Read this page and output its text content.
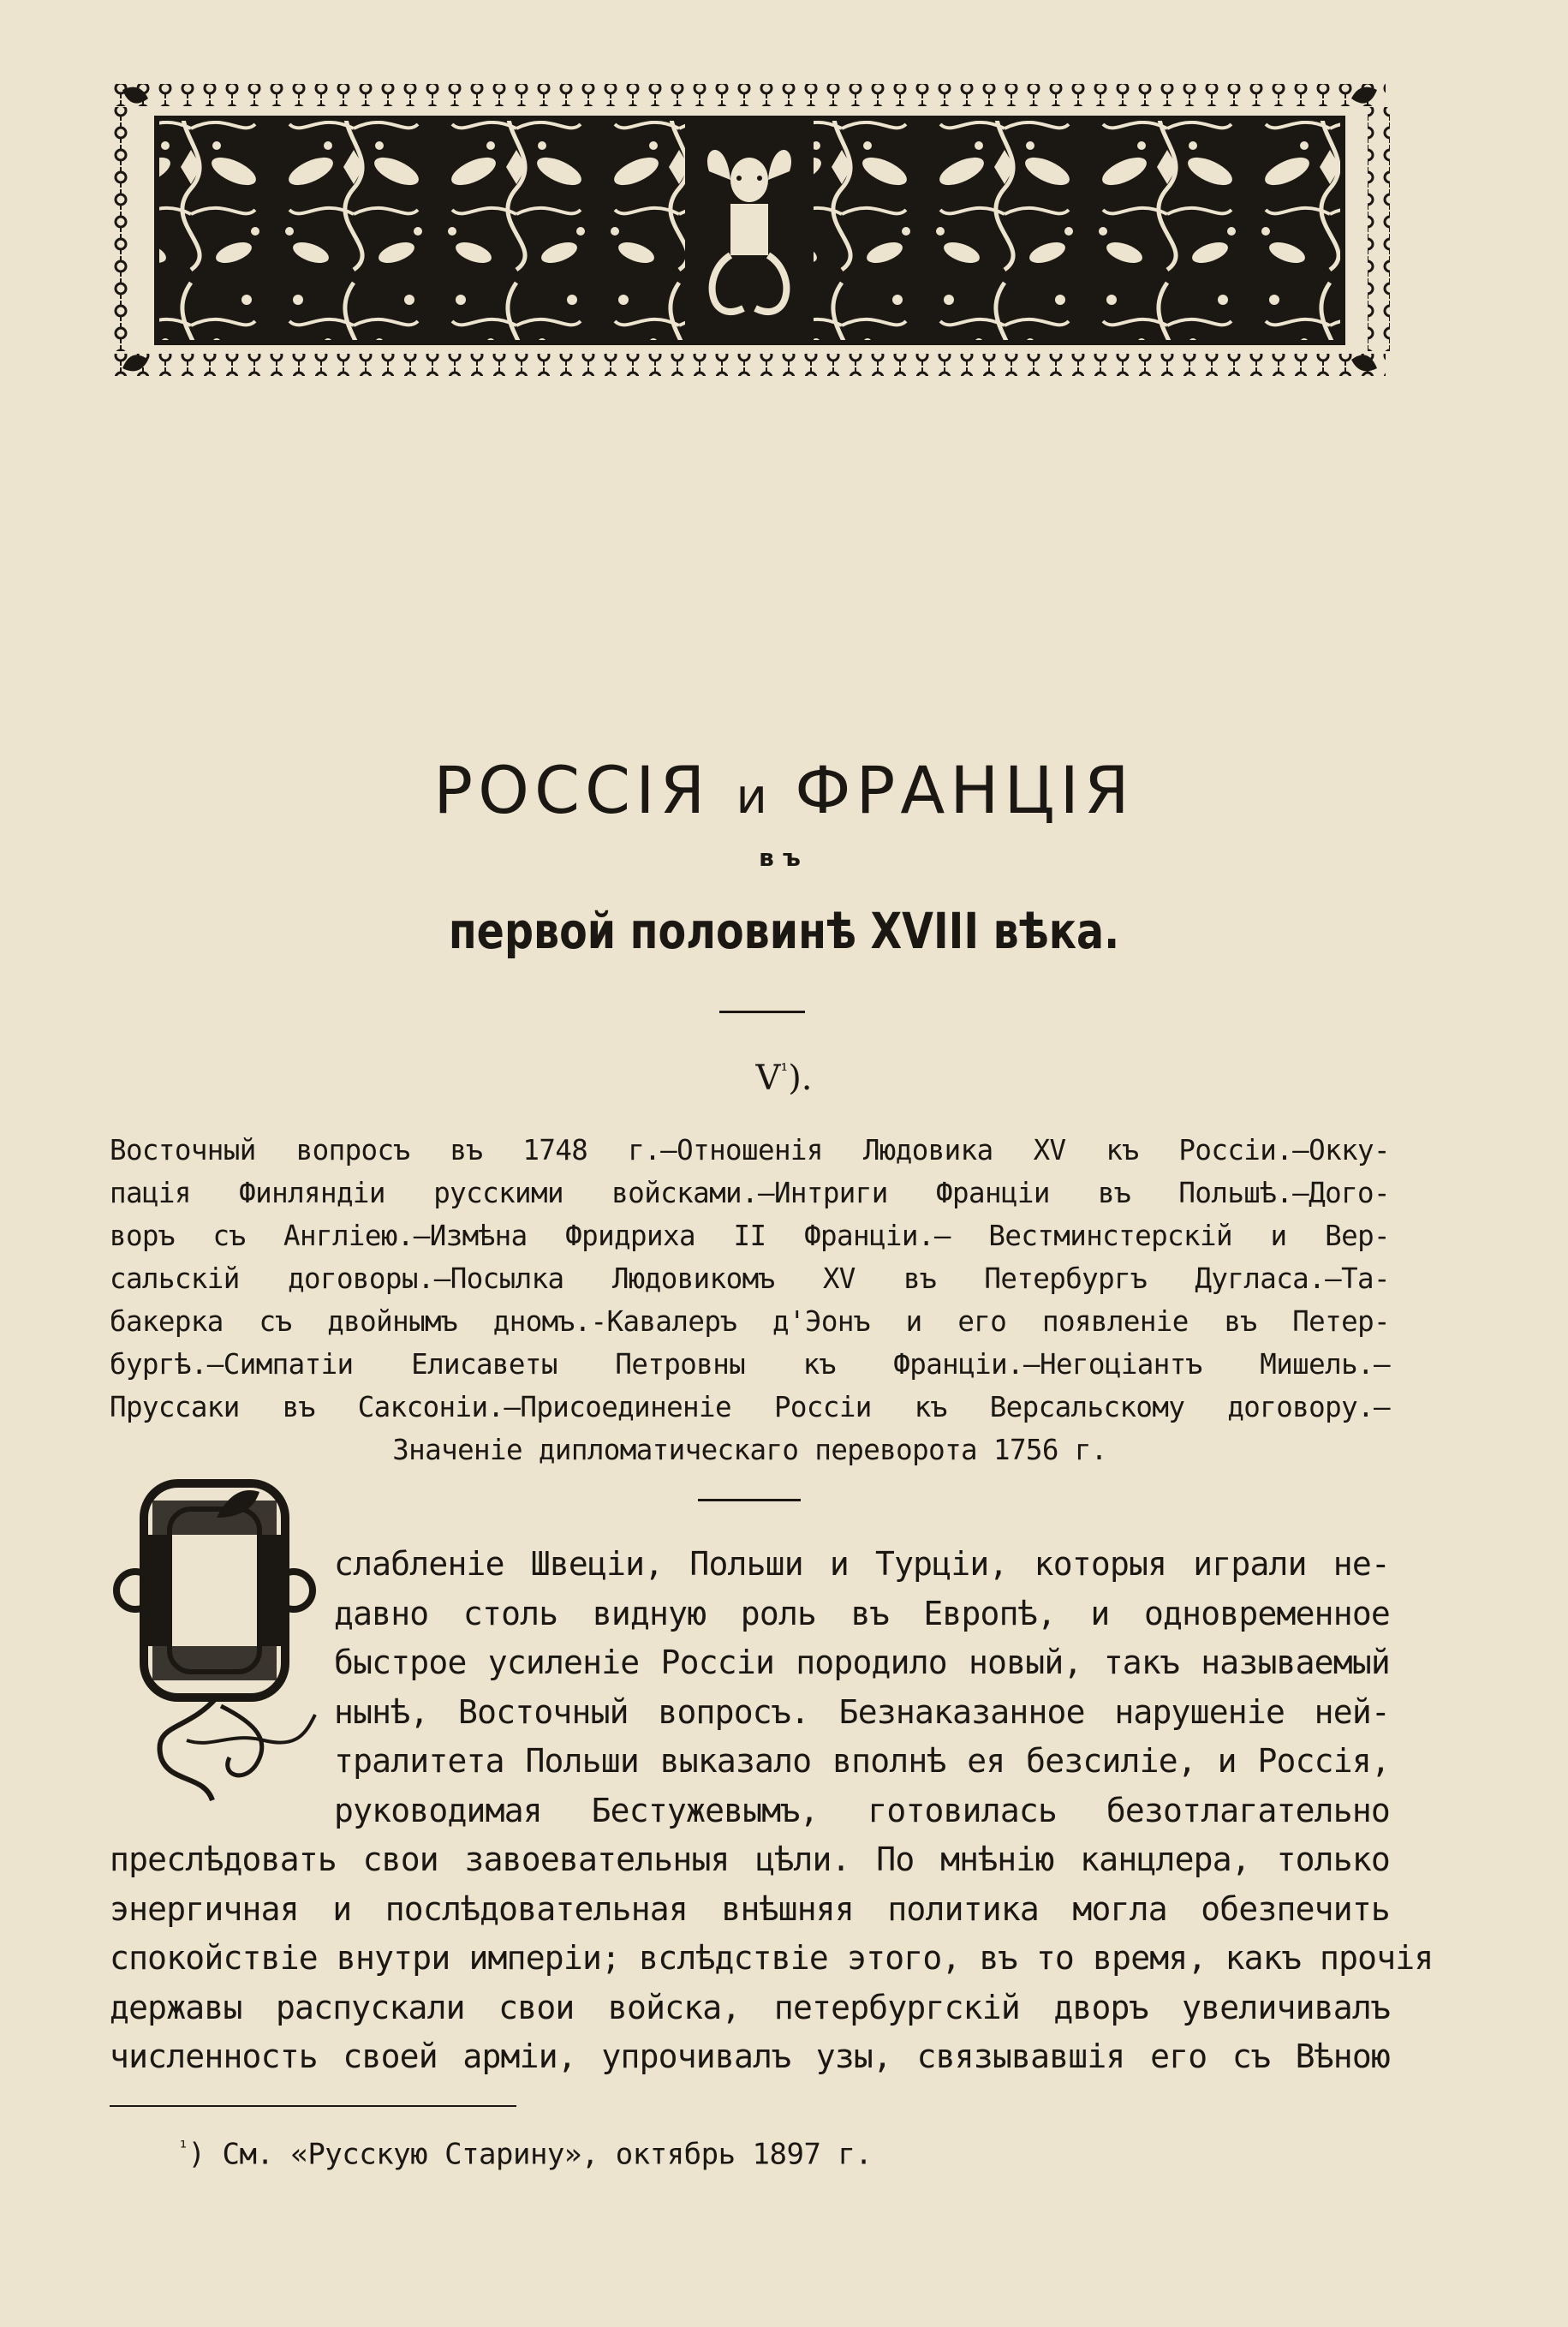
РОССІЯ и ФРАНЦІЯ
въ
первой половинѣ XVIII вѣка.
$V^{^1}$).
Восточный вопросъ въ 1748 г.—Отношенія Людовика XV къ Россіи.—Окку-
пація Финляндіи русскими войсками.—Интриги Франціи въ Польшѣ.—Дого-
воръ съ Англіею.—Измѣна Фридриха II Франціи.— Вестминстерскій и Вер-
сальскій договоры.—Посылка Людовикомъ XV въ Петербургъ Дугласа.—Та-
бакерка съ двойнымъ дномъ.-Кавалеръ д'Эонъ и его появленіе въ Петер-
бургѣ.—Симпатіи Елисаветы Петровны къ Франціи.—Негоціантъ Мишель.—
Пруссаки въ Саксоніи.—Присоединеніе Россіи къ Версальскому договору.—
Значеніе дипломатическаго переворота 1756 г.
слабленіе Швеціи, Польши и Турціи, которыя играли не-
давно столь видную роль въ Европѣ, и одновременное
быстрое усиленіе Россіи породило новый, такъ называемый
нынѣ, Восточный вопросъ. Безнаказанное нарушеніе ней-
тралитета Польши выказало вполнѣ ея безсиліе, и Россія,
руководимая Бестужевымъ, готовилась безотлагательно
преслѣдовать свои завоевательныя цѣли. По мнѣнію канцлера, только
энергичная и послѣдовательная внѣшняя политика могла обезпечить
спокойствіе внутри имперіи; вслѣдствіе этого, въ то время, какъ прочія
державы распускали свои войска, петербургскій дворъ увеличивалъ
численность своей арміи, упрочивалъ узы, связывавшія его съ Вѣною
$^{^1}$) См. «Русскую Старину», октябрь 1897 г.
